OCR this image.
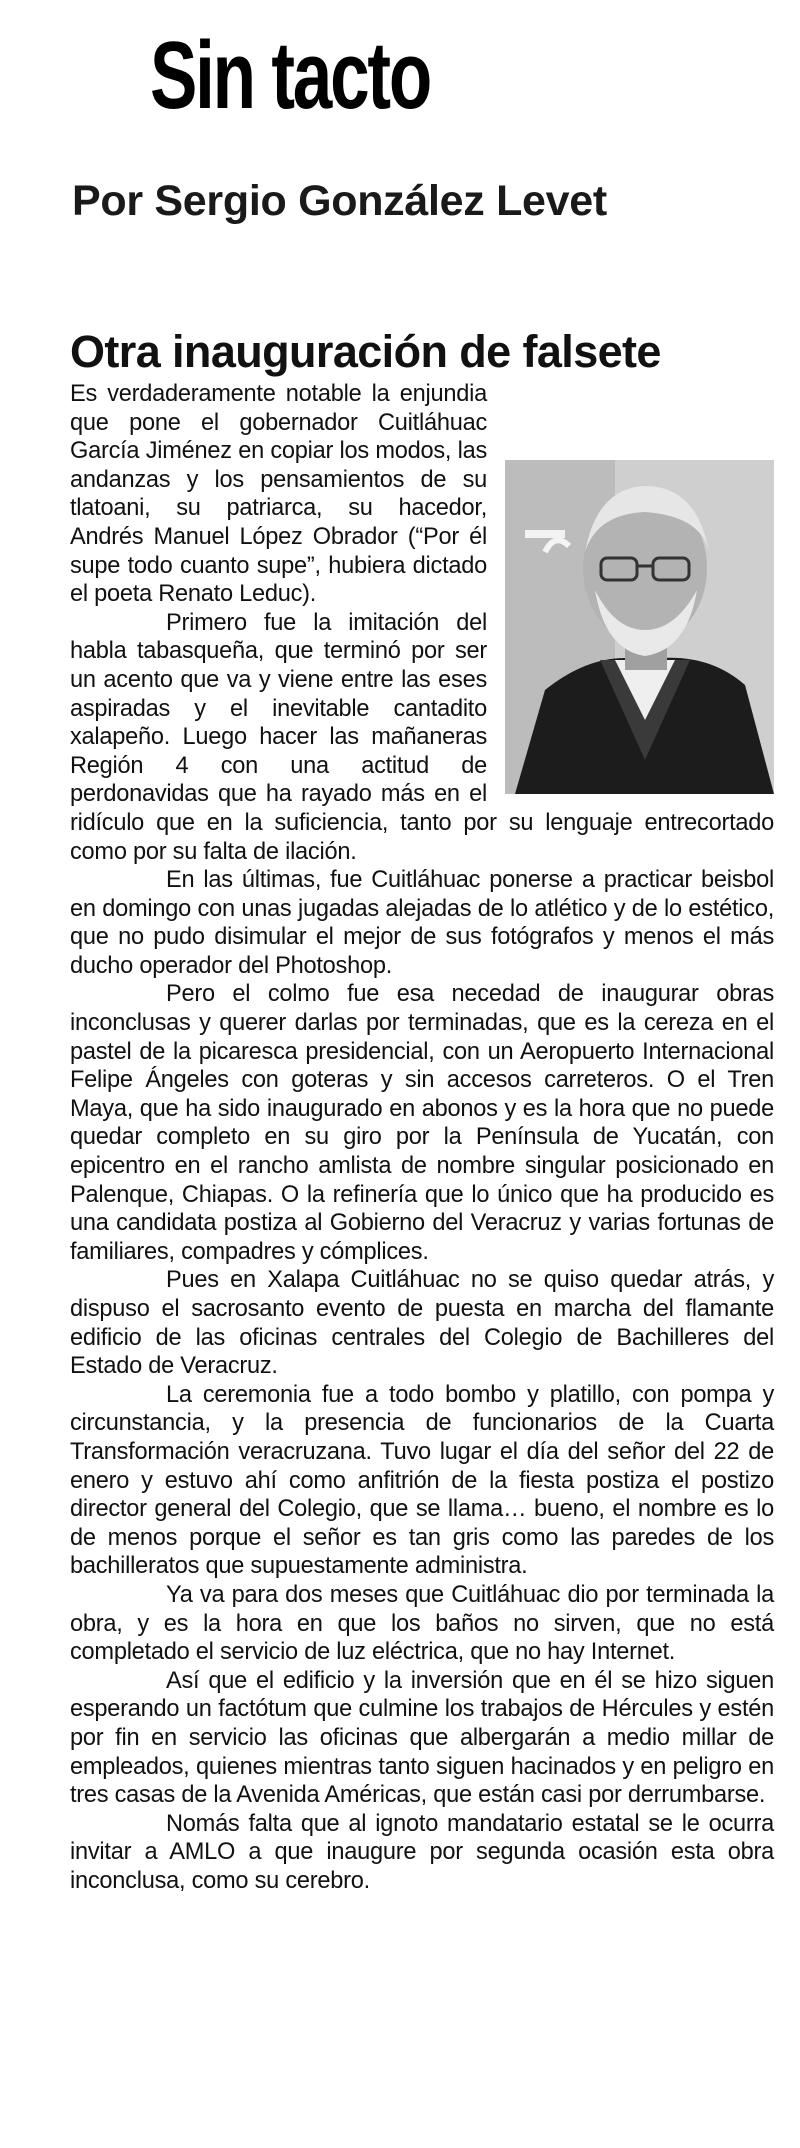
Sin tacto
Por Sergio González Levet
Otra inauguración de falsete

Es verdaderamente notable la enjundia que pone el gobernador Cuitláhuac García Jiménez en copiar los modos, las andanzas y los pensamientos de su tlatoani, su patriarca, su hacedor, Andrés Manuel López Obrador (“Por él supe todo cuanto supe”, hubiera dictado el poeta Renato Leduc).

Primero fue la imitación del habla tabasqueña, que terminó por ser un acento que va y viene entre las eses aspiradas y el inevitable cantadito xalapeño. Luego hacer las mañaneras Región 4 con una actitud de perdonavidas que ha rayado más en el ridículo que en la suficiencia, tanto por su lenguaje entrecortado como por su falta de ilación.

En las últimas, fue Cuitláhuac ponerse a practicar beisbol en domingo con unas jugadas alejadas de lo atlético y de lo estético, que no pudo disimular el mejor de sus fotógrafos y menos el más ducho operador del Photoshop.

Pero el colmo fue esa necedad de inaugurar obras inconclusas y querer darlas por terminadas, que es la cereza en el pastel de la picaresca presidencial, con un Aeropuerto Internacional Felipe Ángeles con goteras y sin accesos carreteros. O el Tren Maya, que ha sido inaugurado en abonos y es la hora que no puede quedar completo en su giro por la Península de Yucatán, con epicentro en el rancho amlista de nombre singular posicionado en Palenque, Chiapas. O la refinería que lo único que ha producido es una candidata postiza al Gobierno del Veracruz y varias fortunas de familiares, compadres y cómplices.

Pues en Xalapa Cuitláhuac no se quiso quedar atrás, y dispuso el sacrosanto evento de puesta en marcha del flamante edificio de las oficinas centrales del Colegio de Bachilleres del Estado de Veracruz.

La ceremonia fue a todo bombo y platillo, con pompa y circunstancia, y la presencia de funcionarios de la Cuarta Transformación veracruzana. Tuvo lugar el día del señor del 22 de enero y estuvo ahí como anfitrión de la fiesta postiza el postizo director general del Colegio, que se llama… bueno, el nombre es lo de menos porque el señor es tan gris como las paredes de los bachilleratos que supuestamente administra.

Ya va para dos meses que Cuitláhuac dio por terminada la obra, y es la hora en que los baños no sirven, que no está completado el servicio de luz eléctrica, que no hay Internet.

Así que el edificio y la inversión que en él se hizo siguen esperando un factótum que culmine los trabajos de Hércules y estén por fin en servicio las oficinas que albergarán a medio millar de empleados, quienes mientras tanto siguen hacinados y en peligro en tres casas de la Avenida Américas, que están casi por derrumbarse.

Nomás falta que al ignoto mandatario estatal se le ocurra invitar a AMLO a que inaugure por segunda ocasión esta obra inconclusa, como su cerebro.
